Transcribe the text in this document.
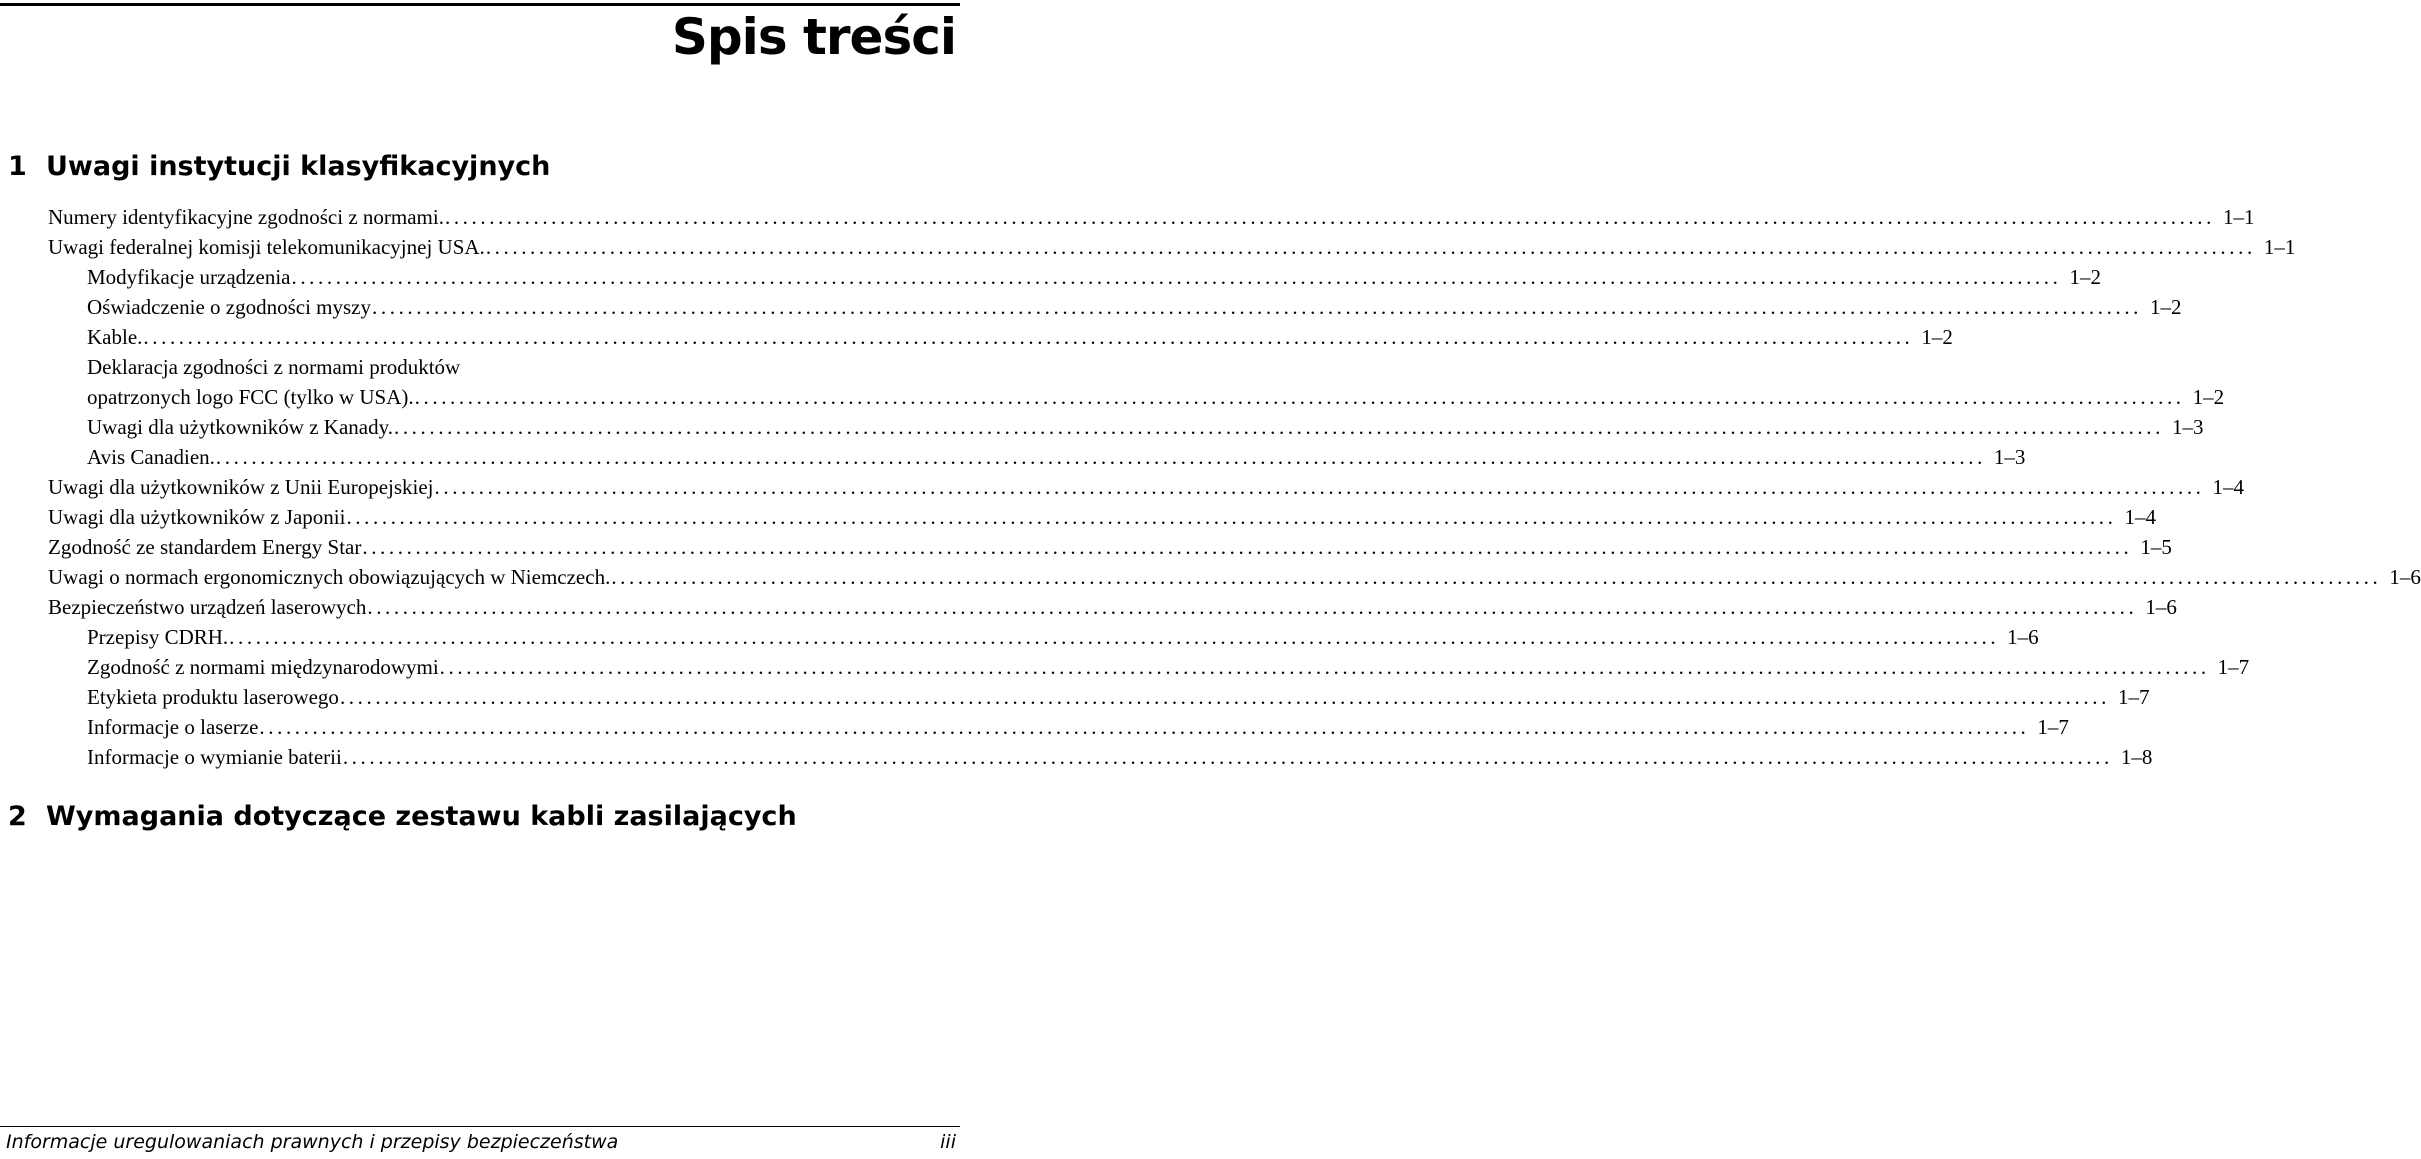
Spis treści
1 Uwagi instytucji klasyfikacyjnych
Numery identyfikacyjne zgodności z normami. ........................................................................................................................................................................................................ 1–1
Uwagi federalnej komisji telekomunikacyjnej USA. ........................................................................................................................................................................................................ 1–1
Modyfikacje urządzenia ........................................................................................................................................................................................................ 1–2
Oświadczenie o zgodności myszy ........................................................................................................................................................................................................ 1–2
Kable. ........................................................................................................................................................................................................ 1–2
Deklaracja zgodności z normami produktów
opatrzonych logo FCC (tylko w USA). ........................................................................................................................................................................................................ 1–2
Uwagi dla użytkowników z Kanady. ........................................................................................................................................................................................................ 1–3
Avis Canadien. ........................................................................................................................................................................................................ 1–3
Uwagi dla użytkowników z Unii Europejskiej ........................................................................................................................................................................................................ 1–4
Uwagi dla użytkowników z Japonii ........................................................................................................................................................................................................ 1–4
Zgodność ze standardem Energy Star ........................................................................................................................................................................................................ 1–5
Uwagi o normach ergonomicznych obowiązujących w Niemczech. ........................................................................................................................................................................................................ 1–6
Bezpieczeństwo urządzeń laserowych ........................................................................................................................................................................................................ 1–6
Przepisy CDRH. ........................................................................................................................................................................................................ 1–6
Zgodność z normami międzynarodowymi ........................................................................................................................................................................................................ 1–7
Etykieta produktu laserowego ........................................................................................................................................................................................................ 1–7
Informacje o laserze ........................................................................................................................................................................................................ 1–7
Informacje o wymianie baterii ........................................................................................................................................................................................................ 1–8
2 Wymagania dotyczące zestawu kabli zasilających
Informacje uregulowaniach prawnych i przepisy bezpieczeństwa	iii
